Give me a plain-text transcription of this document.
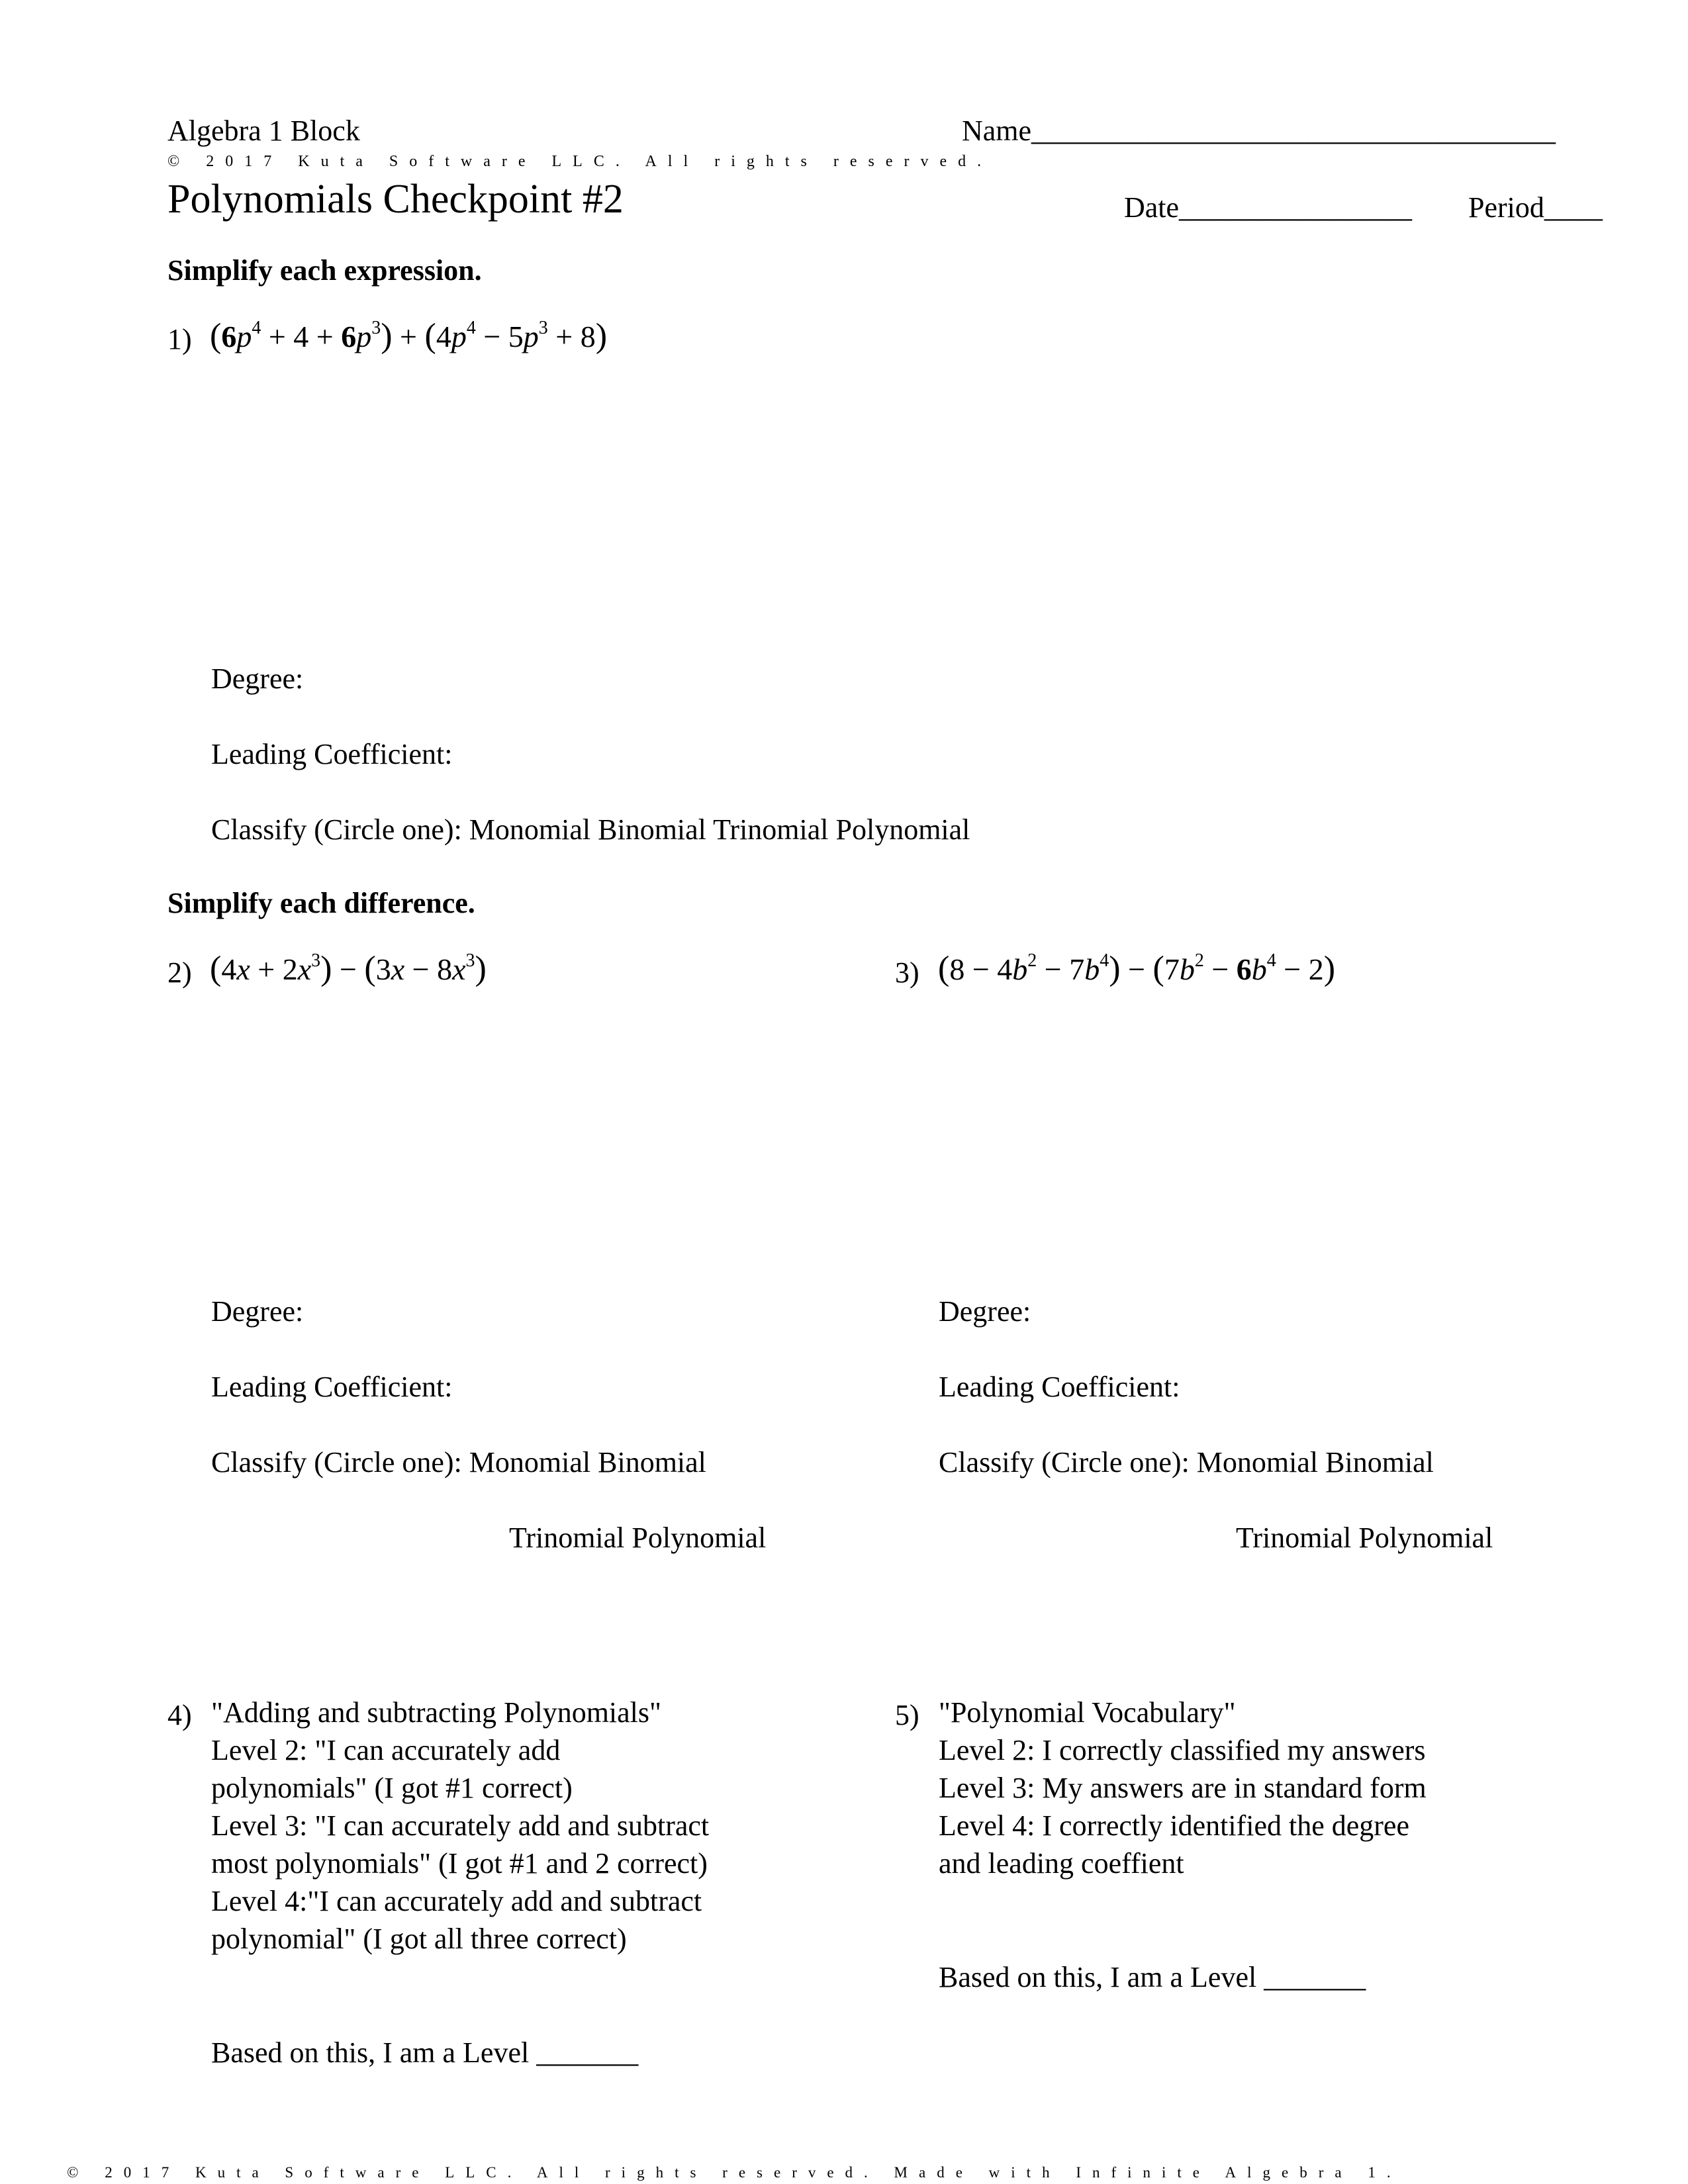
Algebra 1 Block	Name____________________________________
© 2017 Kuta Software LLC. All rights reserved.
Polynomials Checkpoint #2	Date________________ Period____
Simplify each expression.
1) $(6p^4 + 4 + 6p^3) + (4p^4 - 5p^3 + 8)$
Degree:
Leading Coefficient:
Classify (Circle one): Monomial Binomial Trinomial Polynomial
Simplify each difference.
2) $(4x + 2x^3) - (3x - 8x^3)$	3) $(8 - 4b^2 - 7b^4) - (7b^2 - 6b^4 - 2)$
Degree:
Leading Coefficient:
Classify (Circle one): Monomial Binomial
Trinomial Polynomial
Degree:
Leading Coefficient:
Classify (Circle one): Monomial Binomial
Trinomial Polynomial
4) "Adding and subtracting Polynomials"
Level 2: "I can accurately add
polynomials" (I got #1 correct)
Level 3: "I can accurately add and subtract
most polynomials" (I got #1 and 2 correct)
Level 4:"I can accurately add and subtract
polynomial" (I got all three correct)
Based on this, I am a Level _______
5) "Polynomial Vocabulary"
Level 2: I correctly classified my answers
Level 3: My answers are in standard form
Level 4: I correctly identified the degree
and leading coeffient
Based on this, I am a Level _______
© 2017 Kuta Software LLC. All rights reserved. Made with Infinite Algebra 1.
